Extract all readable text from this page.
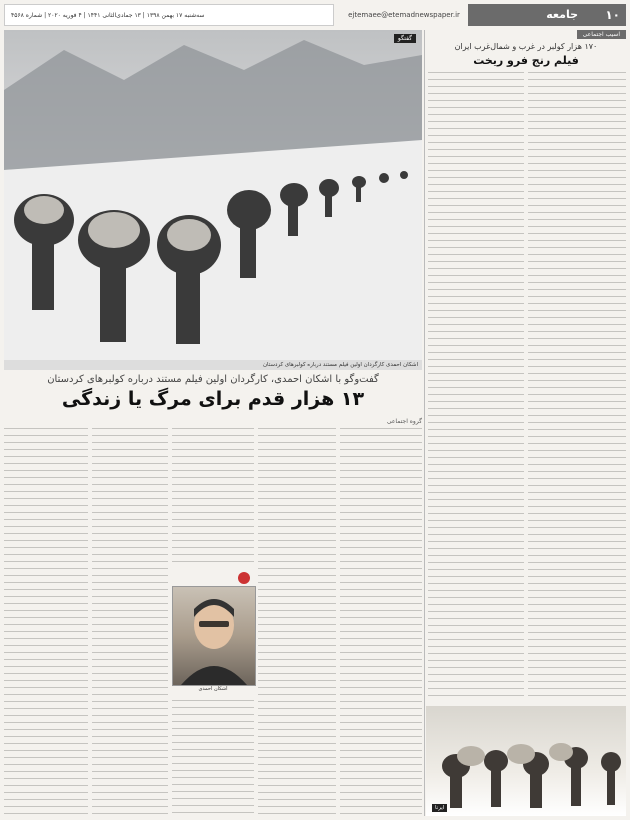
سه‌شنبه ۱۷ بهمن ۱۳۹۸ | ۱۳ جمادی‌الثانی ۱۴۴۱ | ۴ فوریه ۲۰۲۰ | شماره ۴۵۶۸	ejtemaee@etemadnewspaper.ir	جامعه ١٠
گفتگو
اشکان احمدی کارگردان اولین فیلم مستند درباره کولبرهای کردستان
گفت‌وگو با اشکان احمدی، کارگردان اولین فیلم مستند درباره کولبرهای کردستان
۱۳ هزار قدم برای مرگ یا زندگی
گروه اجتماعی
اشکان احمدی
اسیب اجتماعی
۱۷۰ هزار کولبر در غرب و شمال‌غرب ایران
فیلم رنج فرو ریخت
ایرنا
